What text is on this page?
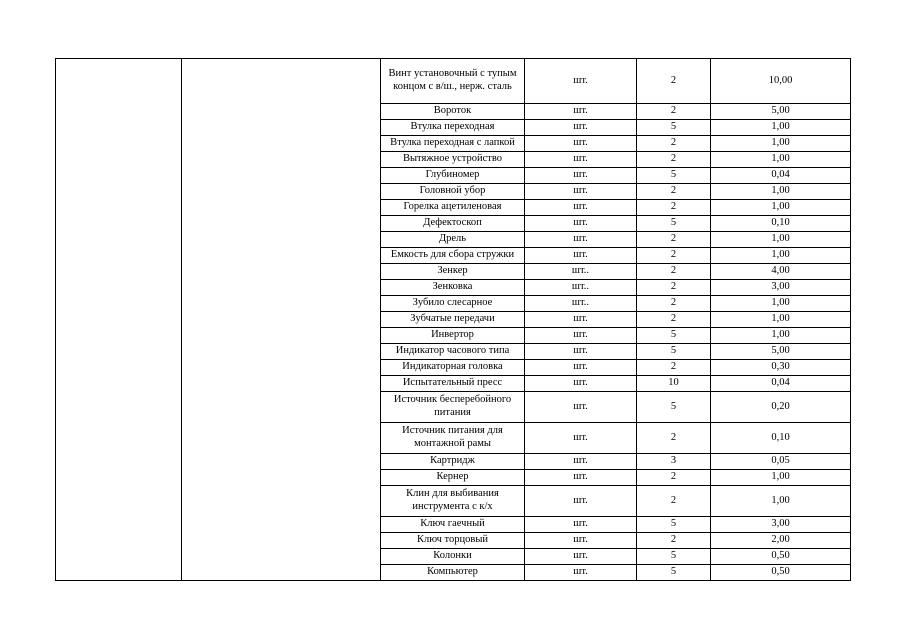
		Винт установочный с тупым концом с в/ш., нерж. сталь	шт.	2	10,00
		Вороток	шт.	2	5,00
		Втулка переходная	шт.	5	1,00
		Втулка переходная с лапкой	шт.	2	1,00
		Вытяжное устройство	шт.	2	1,00
		Глубиномер	шт.	5	0,04
		Головной убор	шт.	2	1,00
		Горелка ацетиленовая	шт.	2	1,00
		Дефектоскоп	шт.	5	0,10
		Дрель	шт.	2	1,00
		Емкость для сбора стружки	шт.	2	1,00
		Зенкер	шт..	2	4,00
		Зенковка	шт..	2	3,00
		Зубило слесарное	шт..	2	1,00
		Зубчатые передачи	шт.	2	1,00
		Инвертор	шт.	5	1,00
		Индикатор часового типа	шт.	5	5,00
		Индикаторная головка	шт.	2	0,30
		Испытательный пресс	шт.	10	0,04
		Источник бесперебойного питания	шт.	5	0,20
		Источник питания для монтажной рамы	шт.	2	0,10
		Картридж	шт.	3	0,05
		Кернер	шт.	2	1,00
		Клин для выбивания инструмента с к/х	шт.	2	1,00
		Ключ гаечный	шт.	5	3,00
		Ключ торцовый	шт.	2	2,00
		Колонки	шт.	5	0,50
		Компьютер	шт.	5	0,50
